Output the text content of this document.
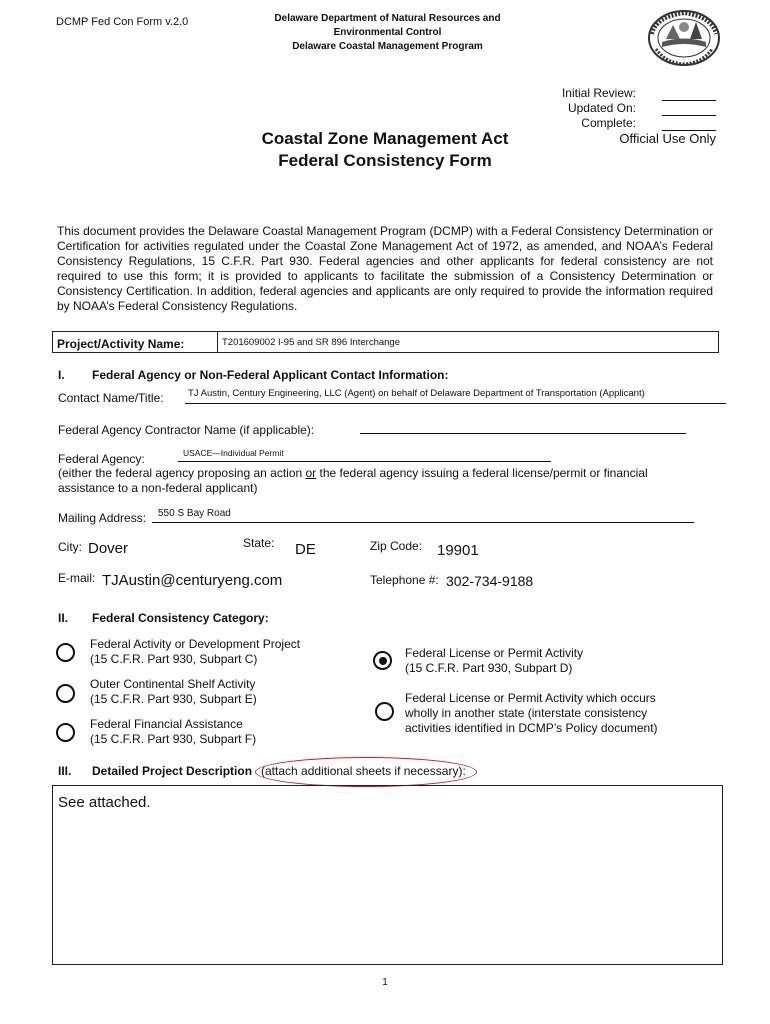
DCMP Fed Con Form v.2.0	Delaware Department of Natural Resources and
Environmental Control
Delaware Coastal Management Program
Initial Review:
Updated On:
Complete:
Official Use Only
Coastal Zone Management Act
Federal Consistency Form
This document provides the Delaware Coastal Management Program (DCMP) with a Federal Consistency Determination or Certification for activities regulated under the Coastal Zone Management Act of 1972, as amended, and NOAA’s Federal Consistency Regulations, 15 C.F.R. Part 930. Federal agencies and other applicants for federal consistency are not required to use this form; it is provided to applicants to facilitate the submission of a Consistency Determination or Consistency Certification. In addition, federal agencies and applicants are only required to provide the information required by NOAA’s Federal Consistency Regulations.
Project/Activity Name:	T201609002 I-95 and SR 896 Interchange
I. Federal Agency or Non-Federal Applicant Contact Information:
Contact Name/Title:	TJ Austin, Century Engineering, LLC (Agent) on behalf of Delaware Department of Transportation (Applicant)
Federal Agency Contractor Name (if applicable):
Federal Agency:	USACE—Individual Permit
(either the federal agency proposing an action or the federal agency issuing a federal license/permit or financial
assistance to a non-federal applicant)
Mailing Address: 550 S Bay Road
City: Dover	State: DE	Zip Code: 19901
E-mail: TJAustin@centuryeng.com	Telephone #: 302-734-9188
II. Federal Consistency Category:
Federal Activity or Development Project
(15 C.F.R. Part 930, Subpart C)
Outer Continental Shelf Activity
(15 C.F.R. Part 930, Subpart E)
Federal Financial Assistance
(15 C.F.R. Part 930, Subpart F)
Federal License or Permit Activity
(15 C.F.R. Part 930, Subpart D)
Federal License or Permit Activity which occurs
wholly in another state (interstate consistency
activities identified in DCMP’s Policy document)
III. Detailed Project Description (attach additional sheets if necessary):
See attached.
1
